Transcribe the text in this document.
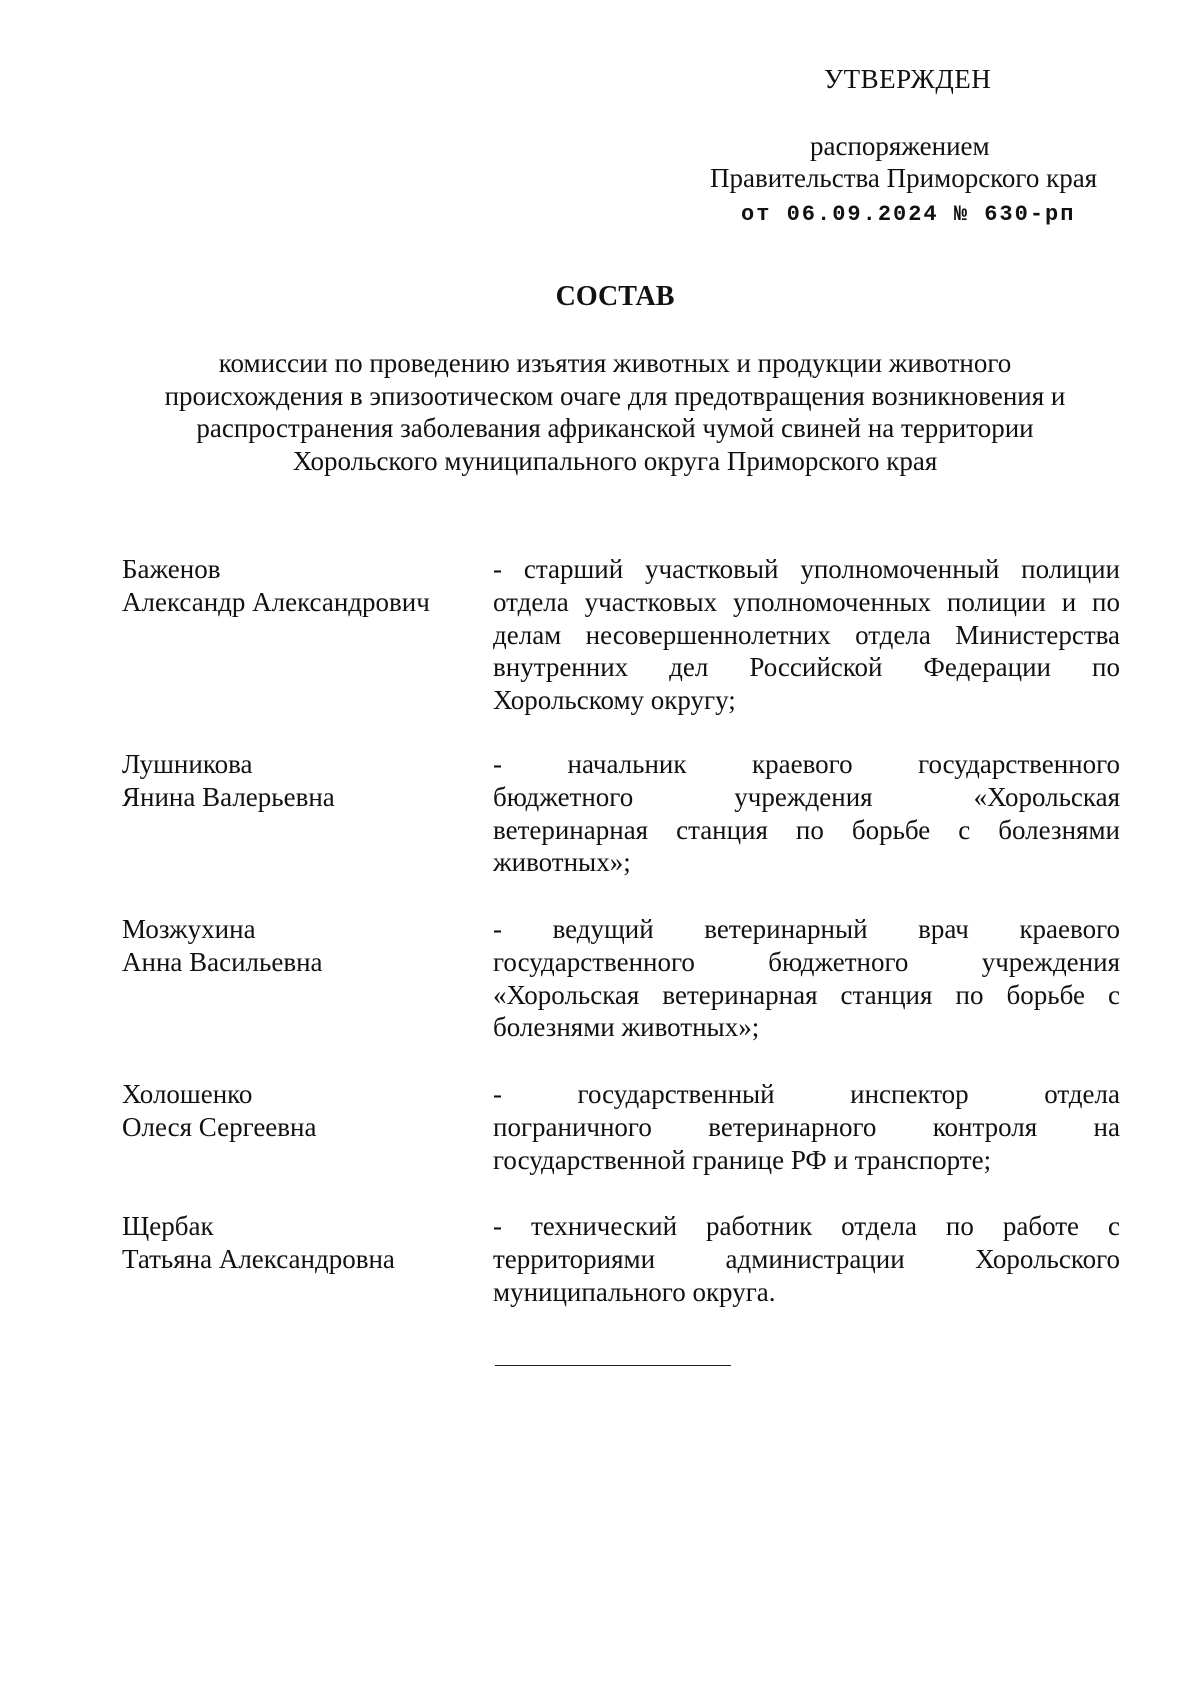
УТВЕРЖДЕН
распоряжением
Правительства Приморского края
от 06.09.2024 № 630-рп
СОСТАВ
комиссии по проведению изъятия животных и продукции животного
происхождения в эпизоотическом очаге для предотвращения возникновения и
распространения заболевания африканской чумой свиней на территории
Хорольского муниципального округа Приморского края
Баженов
Александр Александрович
- старший участковый уполномоченный полиции
отдела участковых уполномоченных полиции и по
делам несовершеннолетних отдела Министерства
внутренних дел Российской Федерации по
Хорольскому округу;
Лушникова
Янина Валерьевна
- начальник краевого государственного
бюджетного учреждения «Хорольская
ветеринарная станция по борьбе с болезнями
животных»;
Мозжухина
Анна Васильевна
- ведущий ветеринарный врач краевого
государственного бюджетного учреждения
«Хорольская ветеринарная станция по борьбе с
болезнями животных»;
Холошенко
Олеся Сергеевна
- государственный инспектор отдела
пограничного ветеринарного контроля на
государственной границе РФ и транспорте;
Щербак
Татьяна Александровна
- технический работник отдела по работе с
территориями администрации Хорольского
муниципального округа.
